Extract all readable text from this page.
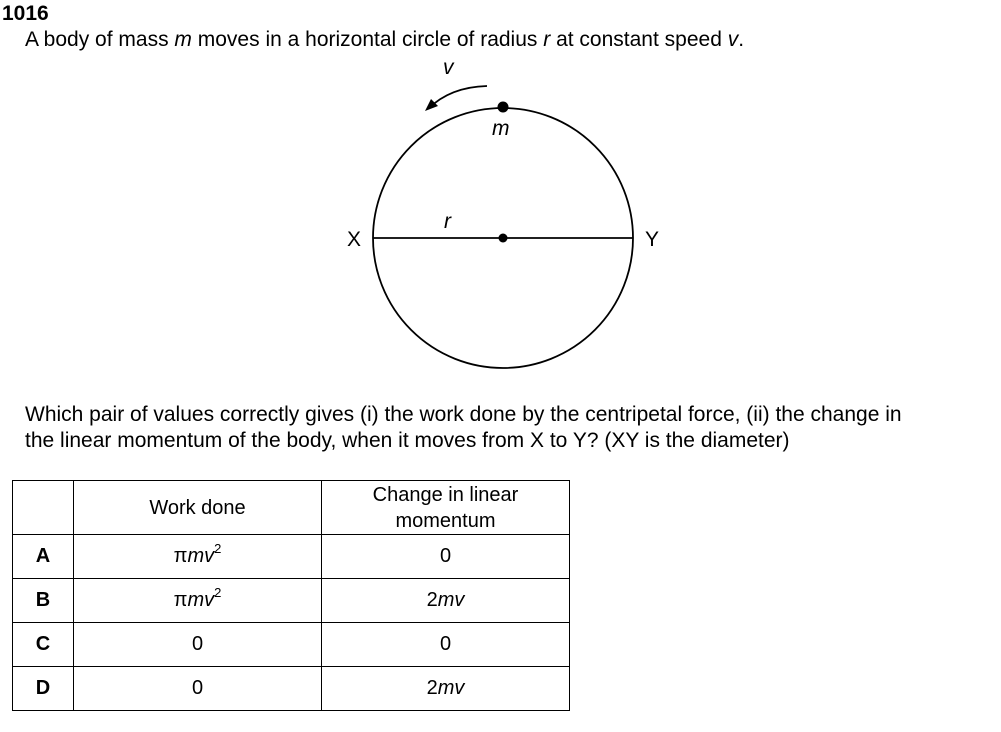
1016
A body of mass m moves in a horizontal circle of radius r at constant speed v.
v
m
r
X	Y
Which pair of values correctly gives (i) the work done by the centripetal force, (ii) the change in
the linear momentum of the body, when it moves from X to Y? (XY is the diameter)
	Work done	Change in linear
momentum

A	πmv$^2$	0
B	πmv$^2$	2mv
C	0	0
D	0	2mv
